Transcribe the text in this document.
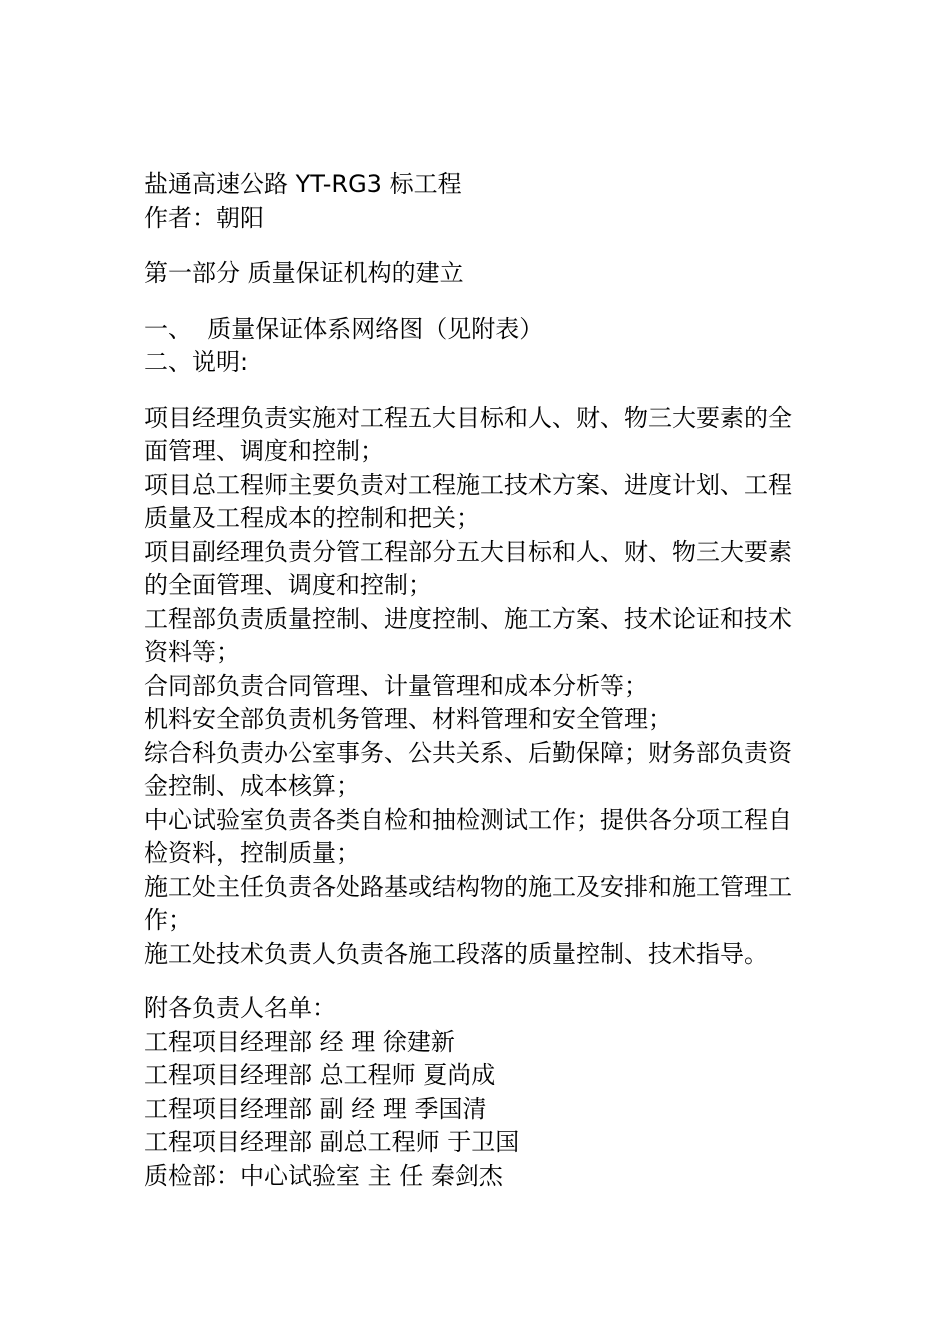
盐通高速公路 YT-RG3 标工程
作者：朝阳
第一部分 质量保证机构的建立
一、  质量保证体系网络图（见附表）
二、说明:
项目经理负责实施对工程五大目标和人、财、物三大要素的全面管理、调度和控制；
项目总工程师主要负责对工程施工技术方案、进度计划、工程质量及工程成本的控制和把关；
项目副经理负责分管工程部分五大目标和人、财、物三大要素的全面管理、调度和控制；
工程部负责质量控制、进度控制、施工方案、技术论证和技术资料等；
合同部负责合同管理、计量管理和成本分析等；
机料安全部负责机务管理、材料管理和安全管理；
综合科负责办公室事务、公共关系、后勤保障；财务部负责资金控制、成本核算；
中心试验室负责各类自检和抽检测试工作；提供各分项工程自检资料，控制质量；
施工处主任负责各处路基或结构物的施工及安排和施工管理工作；
施工处技术负责人负责各施工段落的质量控制、技术指导。
附各负责人名单：
工程项目经理部 经 理 徐建新
工程项目经理部 总工程师 夏尚成
工程项目经理部 副 经 理 季国清
工程项目经理部 副总工程师 于卫国
质检部：中心试验室 主 任 秦剑杰
